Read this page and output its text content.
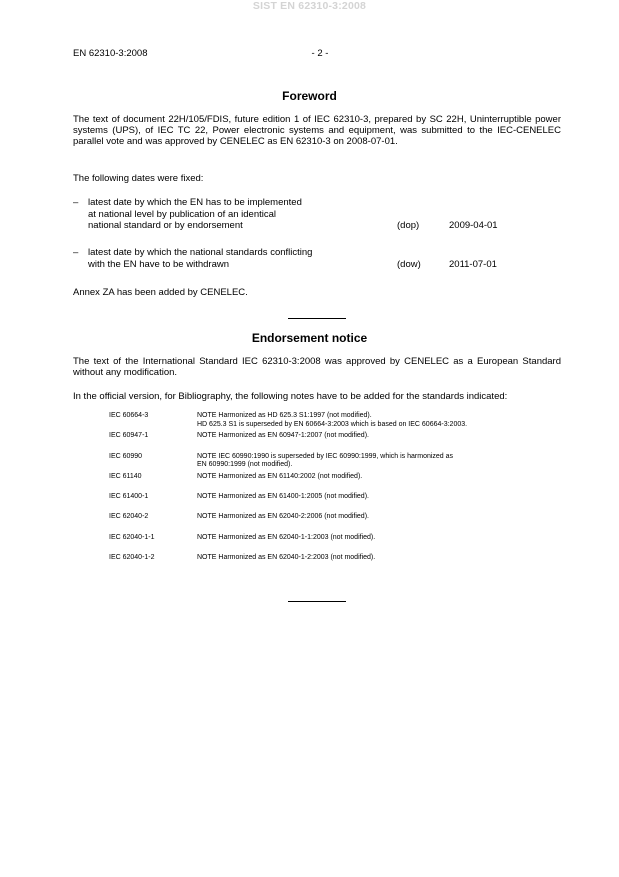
SIST EN 62310-3:2008
EN 62310-3:2008	- 2 -
Foreword
The text of document 22H/105/FDIS, future edition 1 of IEC 62310-3, prepared by SC 22H, Uninterruptible power systems (UPS), of IEC TC 22, Power electronic systems and equipment, was submitted to the IEC-CENELEC parallel vote and was approved by CENELEC as EN 62310-3 on 2008-07-01.
The following dates were fixed:
– latest date by which the EN has to be implemented
at national level by publication of an identical
national standard or by endorsement	(dop)	2009-04-01
– latest date by which the national standards conflicting
with the EN have to be withdrawn	(dow)	2011-07-01
Annex ZA has been added by CENELEC.
Endorsement notice
The text of the International Standard IEC 62310-3:2008 was approved by CENELEC as a European Standard without any modification.
In the official version, for Bibliography, the following notes have to be added for the standards indicated:
IEC 60664-3	NOTE Harmonized as HD 625.3 S1:1997 (not modified).
HD 625.3 S1 is superseded by EN 60664-3:2003 which is based on IEC 60664-3:2003.
IEC 60947-1	NOTE Harmonized as EN 60947-1:2007 (not modified).
IEC 60990	NOTE IEC 60990:1990 is superseded by IEC 60990:1999, which is harmonized as
EN 60990:1999 (not modified).
IEC 61140	NOTE Harmonized as EN 61140:2002 (not modified).
IEC 61400-1	NOTE Harmonized as EN 61400-1:2005 (not modified).
IEC 62040-2	NOTE Harmonized as EN 62040-2:2006 (not modified).
IEC 62040-1-1	NOTE Harmonized as EN 62040-1-1:2003 (not modified).
IEC 62040-1-2	NOTE Harmonized as EN 62040-1-2:2003 (not modified).
